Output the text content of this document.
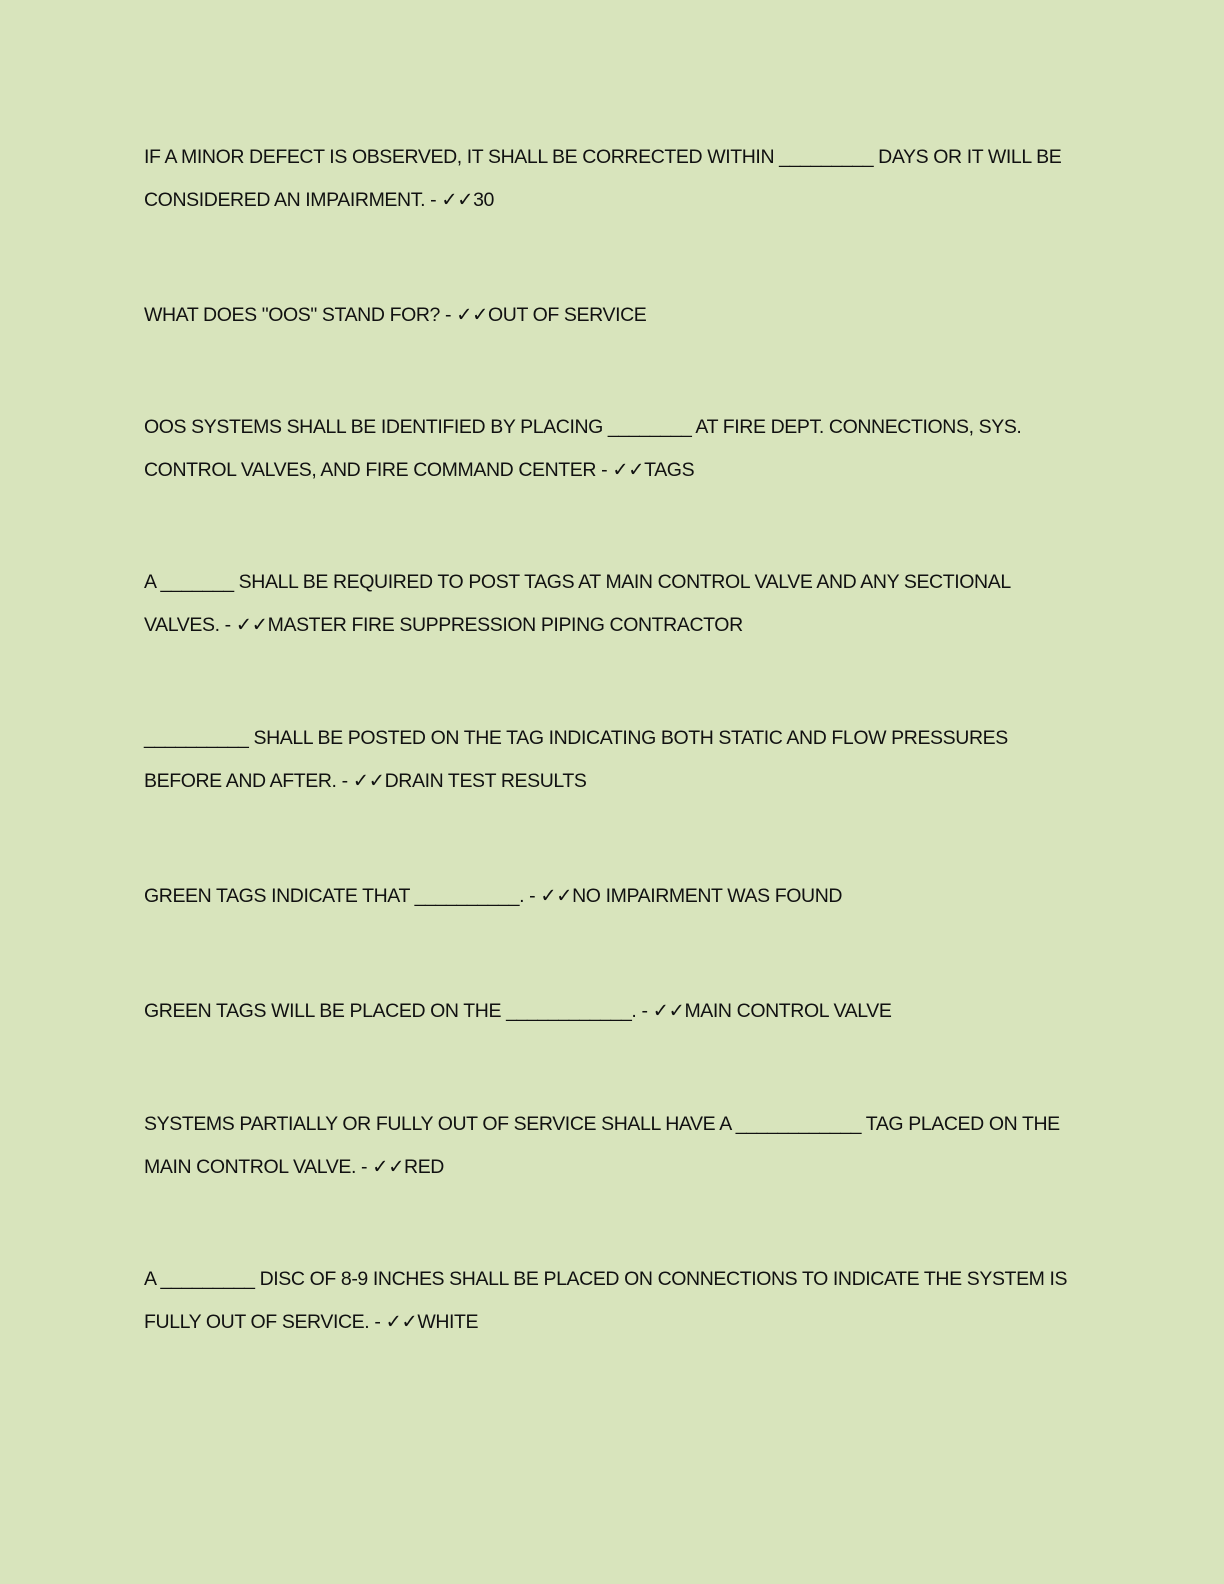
IF A MINOR DEFECT IS OBSERVED, IT SHALL BE CORRECTED WITHIN _________ DAYS OR IT WILL BE CONSIDERED AN IMPAIRMENT. - ✓✓30

WHAT DOES "OOS" STAND FOR? - ✓✓OUT OF SERVICE

OOS SYSTEMS SHALL BE IDENTIFIED BY PLACING ________ AT FIRE DEPT. CONNECTIONS, SYS. CONTROL VALVES, AND FIRE COMMAND CENTER - ✓✓TAGS

A _______ SHALL BE REQUIRED TO POST TAGS AT MAIN CONTROL VALVE AND ANY SECTIONAL VALVES. - ✓✓MASTER FIRE SUPPRESSION PIPING CONTRACTOR

__________ SHALL BE POSTED ON THE TAG INDICATING BOTH STATIC AND FLOW PRESSURES BEFORE AND AFTER. - ✓✓DRAIN TEST RESULTS

GREEN TAGS INDICATE THAT __________. - ✓✓NO IMPAIRMENT WAS FOUND

GREEN TAGS WILL BE PLACED ON THE ____________. - ✓✓MAIN CONTROL VALVE

SYSTEMS PARTIALLY OR FULLY OUT OF SERVICE SHALL HAVE A ____________ TAG PLACED ON THE MAIN CONTROL VALVE. - ✓✓RED

A _________ DISC OF 8-9 INCHES SHALL BE PLACED ON CONNECTIONS TO INDICATE THE SYSTEM IS FULLY OUT OF SERVICE. - ✓✓WHITE
